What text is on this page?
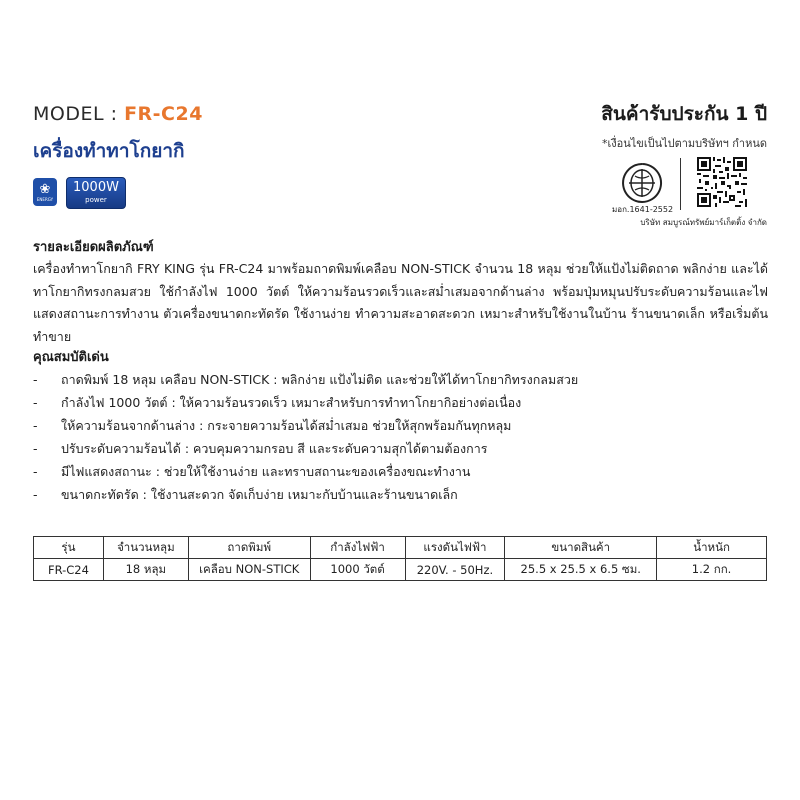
MODEL : FR-C24
เครื่องทำทาโกยากิ
❀
ENERGY
1000W
power
สินค้ารับประกัน 1 ปี
*เงื่อนไขเป็นไปตามบริษัทฯ กำหนด
มอก.1641-2552
บริษัท สมบูรณ์ทรัพย์มาร์เก็ตติ้ง จำกัด
รายละเอียดผลิตภัณฑ์
เครื่องทำทาโกยากิ FRY KING รุ่น FR-C24 มาพร้อมถาดพิมพ์เคลือบ NON-STICK จำนวน 18 หลุม ช่วยให้แป้งไม่ติดถาด พลิกง่าย และได้ทาโกยากิทรงกลมสวย ใช้กำลังไฟ 1000 วัตต์ ให้ความร้อนรวดเร็วและสม่ำเสมอจากด้านล่าง พร้อมปุ่มหมุนปรับระดับความร้อนและไฟแสดงสถานะการทำงาน ตัวเครื่องขนาดกะทัดรัด ใช้งานง่าย ทำความสะอาดสะดวก เหมาะสำหรับใช้งานในบ้าน ร้านขนาดเล็ก หรือเริ่มต้นทำขาย
คุณสมบัติเด่น
-	ถาดพิมพ์ 18 หลุม เคลือบ NON-STICK : พลิกง่าย แป้งไม่ติด และช่วยให้ได้ทาโกยากิทรงกลมสวย
-	กำลังไฟ 1000 วัตต์ : ให้ความร้อนรวดเร็ว เหมาะสำหรับการทำทาโกยากิอย่างต่อเนื่อง
-	ให้ความร้อนจากด้านล่าง : กระจายความร้อนได้สม่ำเสมอ ช่วยให้สุกพร้อมกันทุกหลุม
-	ปรับระดับความร้อนได้ : ควบคุมความกรอบ สี และระดับความสุกได้ตามต้องการ
-	มีไฟแสดงสถานะ : ช่วยให้ใช้งานง่าย และทราบสถานะของเครื่องขณะทำงาน
-	ขนาดกะทัดรัด : ใช้งานสะดวก จัดเก็บง่าย เหมาะกับบ้านและร้านขนาดเล็ก
รุ่น	จำนวนหลุม	ถาดพิมพ์	กำลังไฟฟ้า	แรงดันไฟฟ้า	ขนาดสินค้า	น้ำหนัก
FR-C24	18 หลุม	เคลือบ NON-STICK	1000 วัตต์	220V. - 50Hz.	25.5 x 25.5 x 6.5 ซม.	1.2 กก.
